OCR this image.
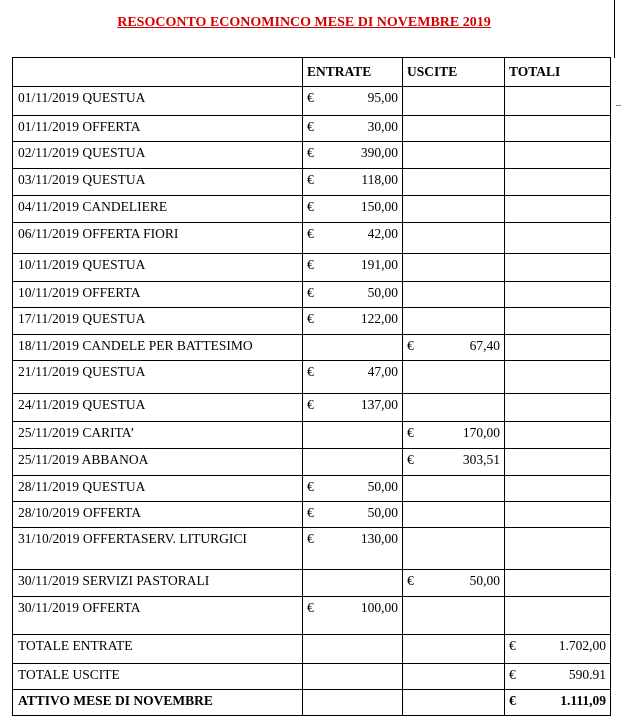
RESOCONTO ECONOMINCO MESE DI NOVEMBRE 2019
	ENTRATE	USCITE	TOTALI
01/11/2019 QUESTUA	€ 95,00		

01/11/2019 OFFERTA	€ 30,00		

02/11/2019 QUESTUA	€ 390,00		

03/11/2019 QUESTUA	€ 118,00		

04/11/2019 CANDELIERE	€ 150,00		

06/11/2019 OFFERTA FIORI	€ 42,00		

10/11/2019 QUESTUA	€ 191,00		

10/11/2019 OFFERTA	€ 50,00		

17/11/2019 QUESTUA	€ 122,00		

18/11/2019 CANDELE PER BATTESIMO		€ 67,40	

21/11/2019 QUESTUA	€ 47,00		

24/11/2019 QUESTUA	€ 137,00		

25/11/2019 CARITA’		€ 170,00	

25/11/2019 ABBANOA		€ 303,51	

28/11/2019 QUESTUA	€ 50,00		

28/10/2019 OFFERTA	€ 50,00		

31/10/2019 OFFERTASERV. LITURGICI	€ 130,00		

30/11/2019 SERVIZI PASTORALI		€ 50,00	

30/11/2019 OFFERTA	€ 100,00		

TOTALE ENTRATE			€ 1.702,00

TOTALE USCITE			€ 590.91

ATTIVO MESE DI NOVEMBRE			€ 1.111,09
